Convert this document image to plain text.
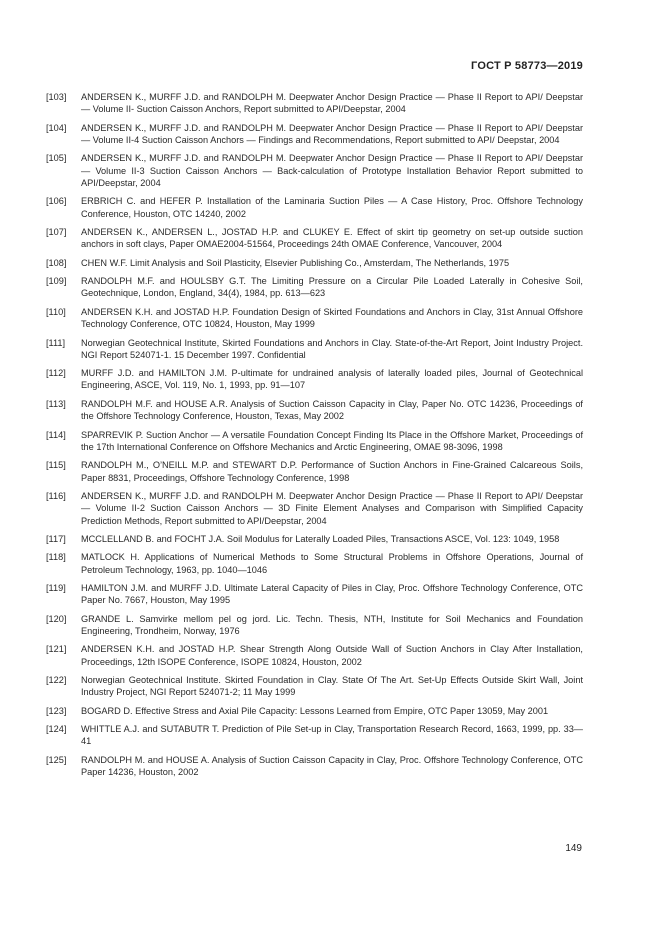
ГОСТ Р 58773—2019
[103]	ANDERSEN K., MURFF J.D. and RANDOLPH M. Deepwater Anchor Design Practice — Phase II Report to API/ Deepstar — Volume II- Suction Caisson Anchors, Report submitted to API/Deepstar, 2004
[104]	ANDERSEN K., MURFF J.D. and RANDOLPH M. Deepwater Anchor Design Practice — Phase II Report to API/ Deepstar — Volume II-4 Suction Caisson Anchors — Findings and Recommendations, Report submitted to API/ Deepstar, 2004
[105]	ANDERSEN K., MURFF J.D. and RANDOLPH M. Deepwater Anchor Design Practice — Phase II Report to API/ Deepstar — Volume II-3 Suction Caisson Anchors — Back-calculation of Prototype Installation Behavior Report submitted to API/Deepstar, 2004
[106]	ERBRICH C. and HEFER P. Installation of the Laminaria Suction Piles — A Case History, Proc. Offshore Technology Conference, Houston, OTC 14240, 2002
[107]	ANDERSEN K., ANDERSEN L., JOSTAD H.P. and CLUKEY E. Effect of skirt tip geometry on set-up outside suction anchors in soft clays, Paper OMAE2004-51564, Proceedings 24th OMAE Conference, Vancouver, 2004
[108]	CHEN W.F. Limit Analysis and Soil Plasticity, Elsevier Publishing Co., Amsterdam, The Netherlands, 1975
[109]	RANDOLPH M.F. and HOULSBY G.T. The Limiting Pressure on a Circular Pile Loaded Laterally in Cohesive Soil, Geotechnique, London, England, 34(4), 1984, pp. 613—623
[110]	ANDERSEN K.H. and JOSTAD H.P. Foundation Design of Skirted Foundations and Anchors in Clay, 31st Annual Offshore Technology Conference, OTC 10824, Houston, May 1999
[111]	Norwegian Geotechnical Institute, Skirted Foundations and Anchors in Clay. State-of-the-Art Report, Joint Industry Project. NGI Report 524071-1. 15 December 1997. Confidential
[112]	MURFF J.D. and HAMILTON J.M. P-ultimate for undrained analysis of laterally loaded piles, Journal of Geotechnical Engineering, ASCE, Vol. 119, No. 1, 1993, pp. 91—107
[113]	RANDOLPH M.F. and HOUSE A.R. Analysis of Suction Caisson Capacity in Clay, Paper No. OTC 14236, Proceedings of the Offshore Technology Conference, Houston, Texas, May 2002
[114]	SPARREVIK P. Suction Anchor — A versatile Foundation Concept Finding Its Place in the Offshore Market, Proceedings of the 17th International Conference on Offshore Mechanics and Arctic Engineering, OMAE 98-3096, 1998
[115]	RANDOLPH M., O’NEILL M.P. and STEWART D.P. Performance of Suction Anchors in Fine-Grained Calcareous Soils, Paper 8831, Proceedings, Offshore Technology Conference, 1998
[116]	ANDERSEN K., MURFF J.D. and RANDOLPH M. Deepwater Anchor Design Practice — Phase II Report to API/ Deepstar — Volume II-2 Suction Caisson Anchors — 3D Finite Element Analyses and Comparison with Simplified Capacity Prediction Methods, Report submitted to API/Deepstar, 2004
[117]	MCCLELLAND B. and FOCHT J.A. Soil Modulus for Laterally Loaded Piles, Transactions ASCE, Vol. 123: 1049, 1958
[118]	MATLOCK H. Applications of Numerical Methods to Some Structural Problems in Offshore Operations, Journal of Petroleum Technology, 1963, pp. 1040—1046
[119]	HAMILTON J.M. and MURFF J.D. Ultimate Lateral Capacity of Piles in Clay, Proc. Offshore Technology Conference, OTC Paper No. 7667, Houston, May 1995
[120]	GRANDE L. Samvirke mellom pel og jord. Lic. Techn. Thesis, NTH, Institute for Soil Mechanics and Foundation Engineering, Trondheim, Norway, 1976
[121]	ANDERSEN K.H. and JOSTAD H.P. Shear Strength Along Outside Wall of Suction Anchors in Clay After Installation, Proceedings, 12th ISOPE Conference, ISOPE 10824, Houston, 2002
[122]	Norwegian Geotechnical Institute. Skirted Foundation in Clay. State Of The Art. Set-Up Effects Outside Skirt Wall, Joint Industry Project, NGI Report 524071-2; 11 May 1999
[123]	BOGARD D. Effective Stress and Axial Pile Capacity: Lessons Learned from Empire, OTC Paper 13059, May 2001
[124]	WHITTLE A.J. and SUTABUTR T. Prediction of Pile Set-up in Clay, Transportation Research Record, 1663, 1999, pp. 33—41
[125]	RANDOLPH M. and HOUSE A. Analysis of Suction Caisson Capacity in Clay, Proc. Offshore Technology Conference, OTC Paper 14236, Houston, 2002
149
